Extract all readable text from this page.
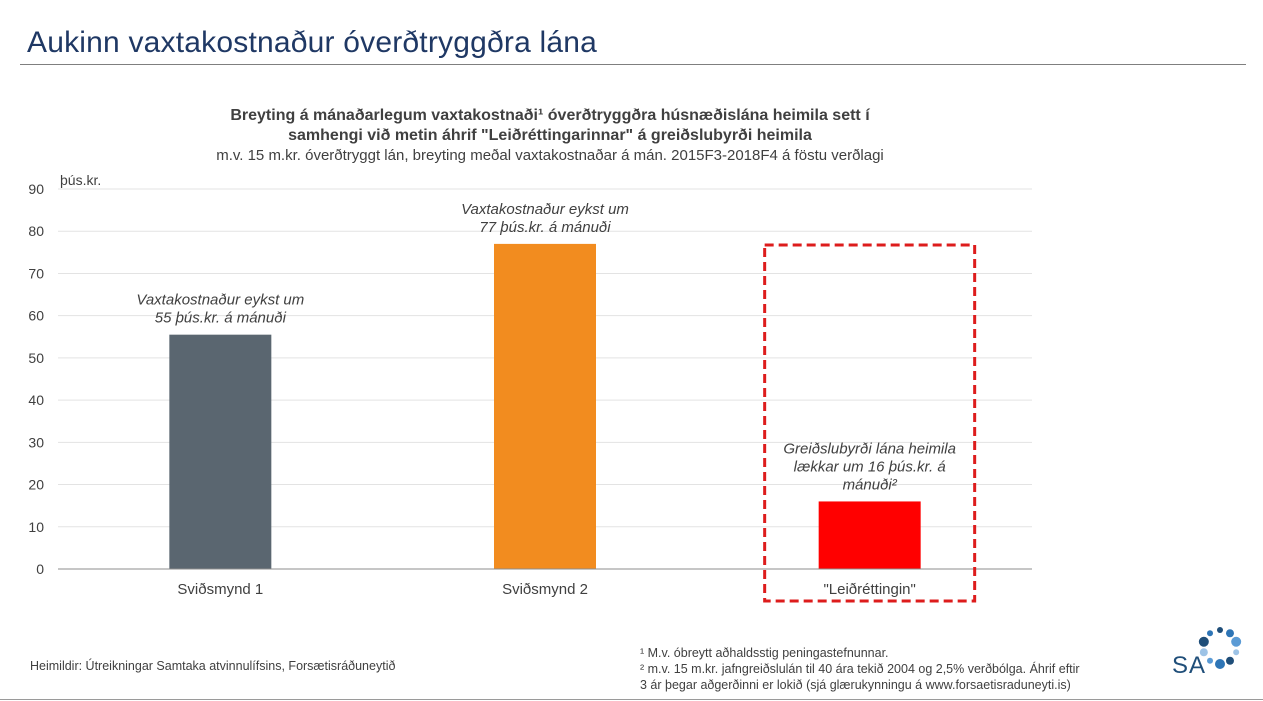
Aukinn vaxtakostnaður óverðtryggðra lána
Breyting á mánaðarlegum vaxtakostnaði¹ óverðtryggðra húsnæðislána heimila sett í
samhengi við metin áhrif "Leiðréttingarinnar" á greiðslubyrði heimila
m.v. 15 m.kr. óverðtryggt lán, breyting meðal vaxtakostnaðar á mán. 2015F3-2018F4 á föstu verðlagi
0
10
20
30
40
50
60
70
80
90
þús.kr.
Sviðsmynd 1	Sviðsmynd 2	"Leiðréttingin"
Vaxtakostnaður eykst um
55 þús.kr. á mánuði
Vaxtakostnaður eykst um
77 þús.kr. á mánuði
Greiðslubyrði lána heimila
lækkar um 16 þús.kr. á
mánuði²
Heimildir: Útreikningar Samtaka atvinnulífsins, Forsætisráðuneytið
¹ M.v. óbreytt aðhaldsstig peningastefnunnar.
² m.v. 15 m.kr. jafngreiðslulán til 40 ára tekið 2004 og 2,5% verðbólga. Áhrif eftir
3 ár þegar aðgerðinni er lokið (sjá glærukynningu á www.forsaetisraduneyti.is)
SA
